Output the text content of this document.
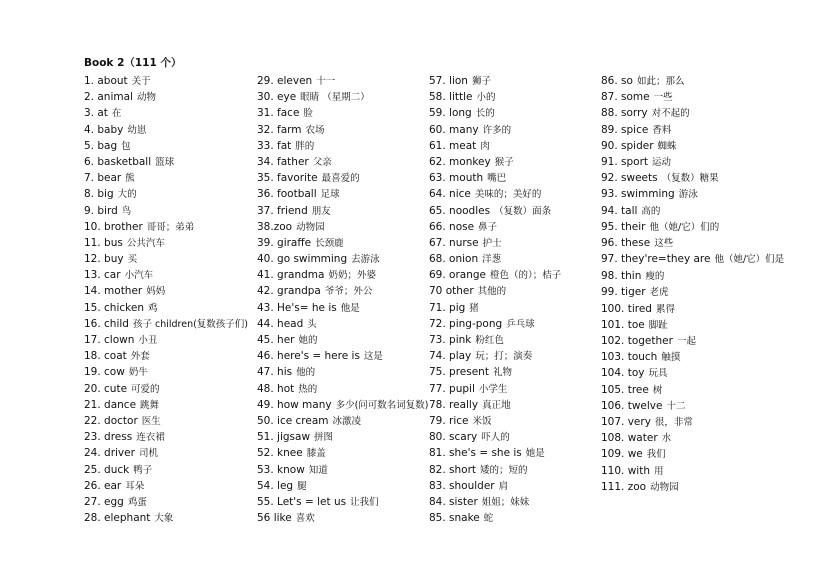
Book 2（111 个）
1. about 关于
2. animal 动物
3. at 在
4. baby 幼崽
5. bag 包
6. basketball 篮球
7. bear 熊
8. big 大的
9. bird 鸟
10. brother 哥哥；弟弟
11. bus 公共汽车
12. buy 买
13. car 小汽车
14. mother 妈妈
15. chicken 鸡
16. child 孩子 children(复数孩子们)
17. clown 小丑
18. coat 外套
19. cow 奶牛
20. cute 可爱的
21. dance 跳舞
22. doctor 医生
23. dress 连衣裙
24. driver 司机
25. duck 鸭子
26. ear 耳朵
27. egg 鸡蛋
28. elephant 大象
29. eleven 十一
30. eye 眼睛 （星期二）
31. face 脸
32. farm 农场
33. fat 胖的
34. father 父亲
35. favorite 最喜爱的
36. football 足球
37. friend 朋友
38.zoo 动物园
39. giraffe 长颈鹿
40. go swimming 去游泳
41. grandma 奶奶；外婆
42. grandpa 爷爷；外公
43. He's= he is 他是
44. head 头
45. her 她的
46. here's = here is 这是
47. his 他的
48. hot 热的
49. how many 多少(问可数名词复数)
50. ice cream 冰激凌
51. jigsaw 拼图
52. knee 膝盖
53. know 知道
54. leg 腿
55. Let's = let us 让我们
56 like 喜欢
57. lion 狮子
58. little 小的
59. long 长的
60. many 许多的
61. meat 肉
62. monkey 猴子
63. mouth 嘴巴
64. nice 美味的；美好的
65. noodles （复数）面条
66. nose 鼻子
67. nurse 护士
68. onion 洋葱
69. orange 橙色（的）；桔子
70 other 其他的
71. pig 猪
72. ping-pong 乒乓球
73. pink 粉红色
74. play 玩；打；演奏
75. present 礼物
77. pupil 小学生
78. really 真正地
79. rice 米饭
80. scary 吓人的
81. she's = she is 她是
82. short 矮的；短的
83. shoulder 肩
84. sister 姐姐；妹妹
85. snake 蛇
86. so 如此；那么
87. some 一些
88. sorry 对不起的
89. spice 香料
90. spider 蜘蛛
91. sport 运动
92. sweets （复数）糖果
93. swimming 游泳
94. tall 高的
95. their 他（她/它）们的
96. these 这些
97. they're=they are 他（她/它）们是
98. thin 瘦的
99. tiger 老虎
100. tired 累得
101. toe 脚趾
102. together 一起
103. touch 触摸
104. toy 玩具
105. tree 树
106. twelve 十二
107. very 很，非常
108. water 水
109. we 我们
110. with 用
111. zoo 动物园
